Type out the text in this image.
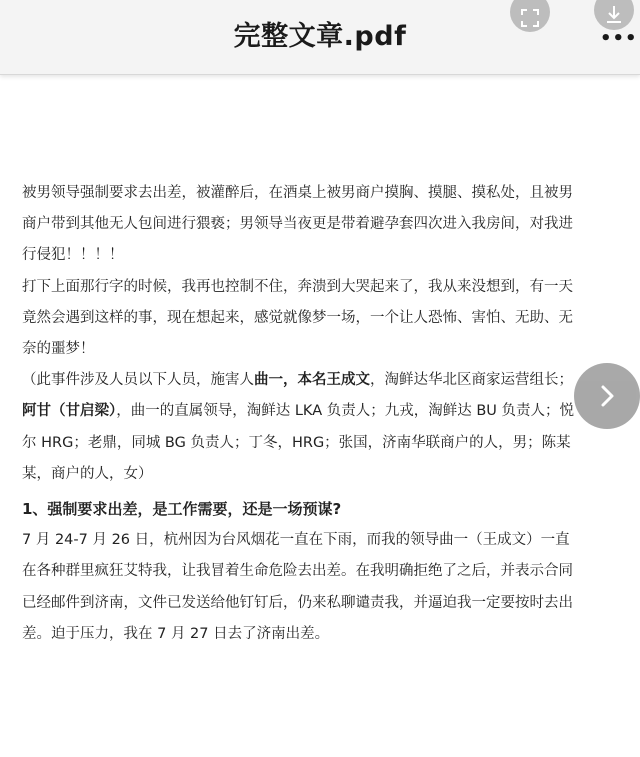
完整文章.pdf	•••

被男领导强制要求去出差，被灌醉后，在酒桌上被男商户摸胸、摸腿、摸私处，且被男商户带到其他无人包间进行猥亵；男领导当夜更是带着避孕套四次进入我房间，对我进行侵犯！！！！

打下上面那行字的时候，我再也控制不住，奔溃到大哭起来了，我从来没想到，有一天竟然会遇到这样的事，现在想起来，感觉就像梦一场，一个让人恐怖、害怕、无助、无奈的噩梦！

（此事件涉及人员以下人员，施害人曲一，本名王成文，淘鲜达华北区商家运营组长；阿甘（甘启梁），曲一的直属领导，淘鲜达 LKA 负责人；九戎，淘鲜达 BU 负责人；悦尔 HRG；老鼎，同城 BG 负责人；丁冬，HRG；张国，济南华联商户的人，男；陈某某，商户的人，女）

1、强制要求出差，是工作需要，还是一场预谋?

7 月 24-7 月 26 日，杭州因为台风烟花一直在下雨，而我的领导曲一（王成文）一直在各种群里疯狂艾特我，让我冒着生命危险去出差。在我明确拒绝了之后，并表示合同已经邮件到济南，文件已发送给他钉钉后，仍来私聊谴责我，并逼迫我一定要按时去出差。迫于压力，我在 7 月 27 日去了济南出差。
